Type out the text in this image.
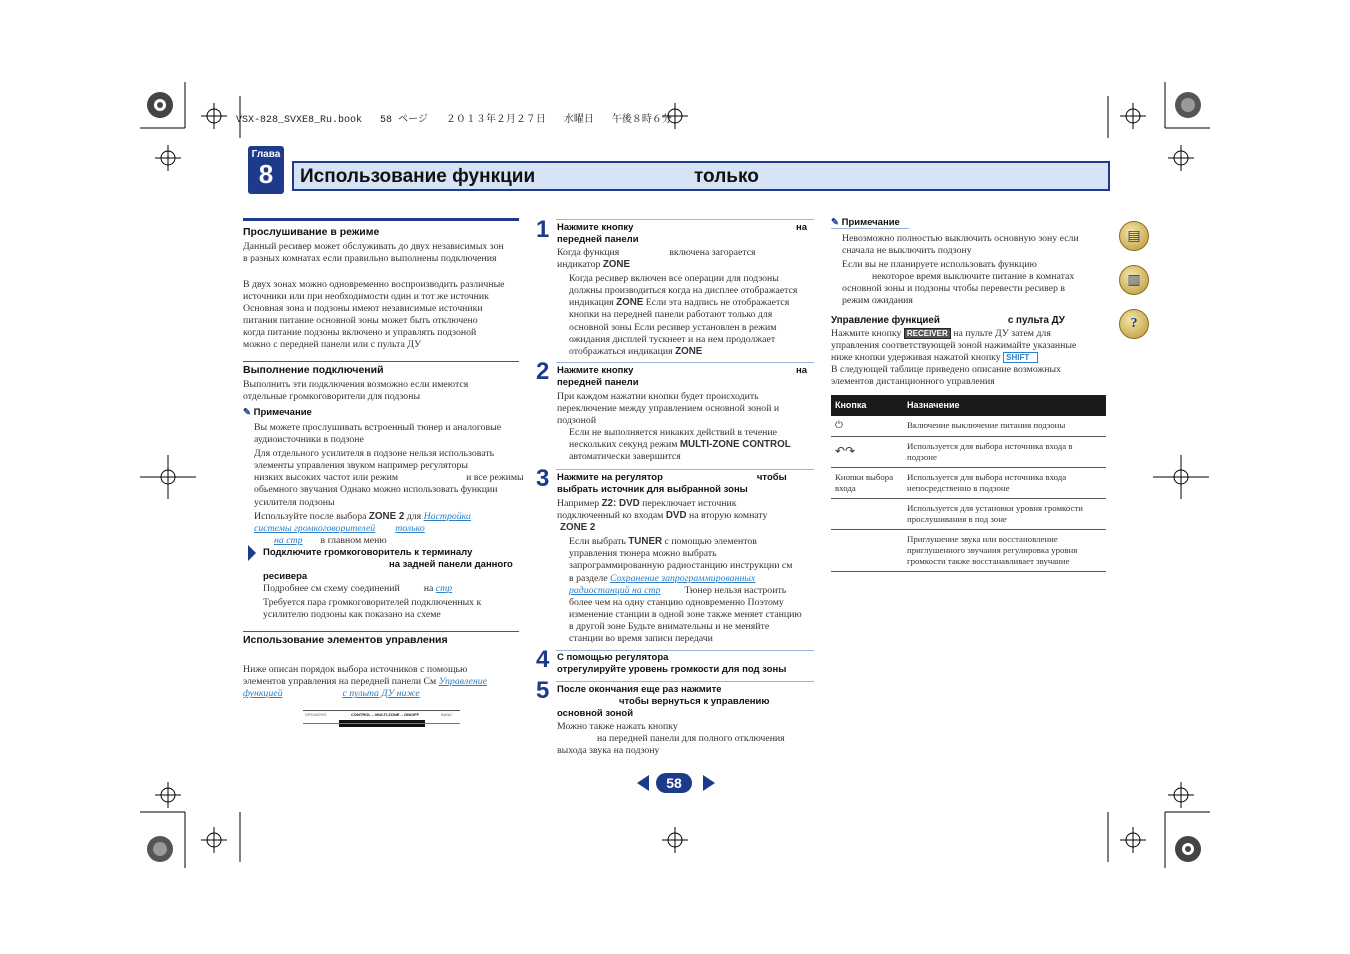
VSX-828_SVXE8_Ru.book   58 ページ   ２０１３年２月２７日   水曜日   午後８時６分
Глава
8	Использование функции	только
Прослушивание в режиме
Данный ресивер может обслуживать до двух независимых зон
в разных комнатах если правильно выполнены подключения
В двух зонах можно одновременно воспроизводить различные
источники или при необходимости один и тот же источник
Основная зона и подзоны имеют независимые источники
питания питание основной зоны может быть отключено
когда питание подзоны включено и управлять подзоной
можно с передней панели или с пульта ДУ
Выполнение подключений
Выполнить эти подключения возможно если имеются
отдельные громкоговорители для подзоны
✎ Примечание
Вы можете прослушивать встроенный тюнер и аналоговые
аудиоисточники в подзоне
Для отдельного усилителя в подзоне нельзя использовать
элементы управления звуком например регуляторы
низких высоких частот или режим	и все режимы
обьемного звучания Однако можно использовать функции
усилителя подзоны
Используйте после выбора ZONE 2 для Настройка
системы громкоговорителей только
на стр в главном меню
Подключите громкоговоритель к терминалу
на задней панели данного
ресивера
Подробнее см схему соединений на стр
Требуется пара громкоговорителей подключенных к
усилителю подзоны как показано на схеме
Использование элементов управления
Ниже описан порядок выбора источников с помощью
элементов управления на передней панели См Управление
функцией	с пульта ДУ ниже
SPEAKERS	CONTROL – MULTI-ZONE – ON/OFF	BAND
1 Нажмите кнопку	на
передней панели
Когда функция	включена загорается
индикатор ZONE
Когда ресивер включен все операции для подзоны
должны производиться когда на дисплее отображается
индикация ZONE Если эта надпись не отображается
кнопки на передней панели работают только для
основной зоны Если ресивер установлен в режим
ожидания дисплей тускнеет и на нем продолжает
отображаться индикация ZONE
2 Нажмите кнопку	на
передней панели
При каждом нажатии кнопки будет происходить
переключение между управлением основной зоной и
подзоной
Если не выполняется никаких действий в течение
нескольких секунд режим MULTI-ZONE CONTROL
автоматически завершится
3 Нажмите на регулятор	чтобы
выбрать источник для выбранной зоны
Например Z2: DVD переключает источник
подключенный ко входам DVD на вторую комнату
ZONE 2
Если выбрать TUNER с помощью элементов
управления тюнера можно выбрать
запрограммированную радиостанцию инструкции см
в разделе Сохранение запрограммированных
радиостанций на стр Тюнер нельзя настроить
более чем на одну станцию одновременно Поэтому
изменение станции в одной зоне также меняет станцию
в другой зоне Будьте внимательны и не меняйте
станции во время записи передачи
4 С помощью регулятора
отрегулируйте уровень громкости для под зоны
5 После окончания еще раз нажмите
чтобы вернуться к управлению
основной зоной
Можно также нажать кнопку
на передней панели для полного отключения
выхода звука на подзону
✎ Примечание
Невозможно полностью выключить основную зону если
сначала не выключить подзону
Если вы не планируете использовать функцию
некоторое время выключите питание в комнатах
основной зоны и подзоны чтобы перевести ресивер в
режим ожидания
Управление функцией	с пульта ДУ
Нажмите кнопку RECEIVER на пульте ДУ затем для
управления соответствующей зоной нажимайте указанные
ниже кнопки удерживая нажатой кнопку SHIFT
В следующей таблице приведено описание возможных
элементов дистанционного управления
Кнопка	Назначение
⏻	Включение выключение питания подзоны
↶↷	Используется для выбора источника входа в подзоне
Кнопки выбора входа	Используется для выбора источника входа непосредственно в подзоне
	Используется для установки уровня громкости прослушивания в под зоне
	Приглушение звука или восстановление приглушенного звучания регулировка уровня громкости также восстанавливает звучание
▤
▥
?
58
